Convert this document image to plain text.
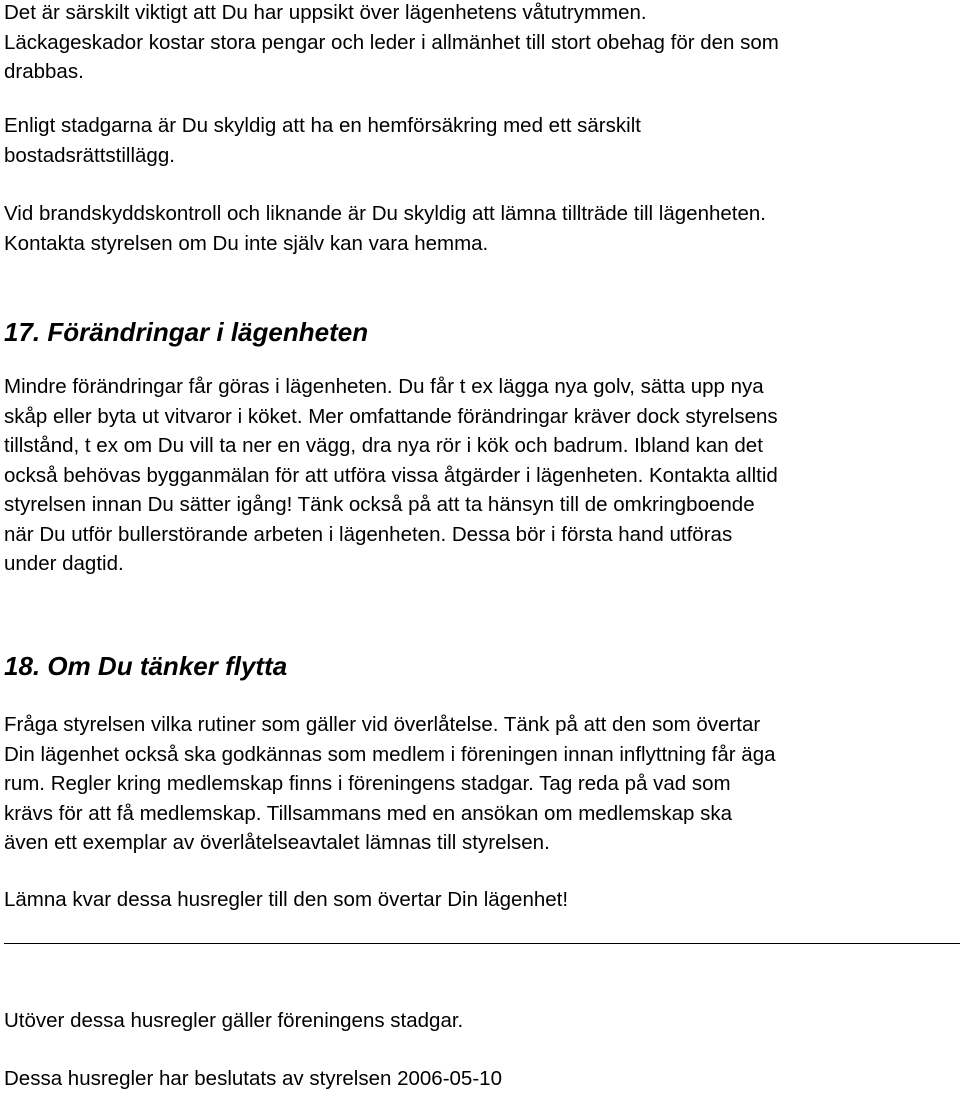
Det är särskilt viktigt att Du har uppsikt över lägenhetens våtutrymmen.
Läckageskador kostar stora pengar och leder i allmänhet till stort obehag för den som
drabbas.

Enligt stadgarna är Du skyldig att ha en hemförsäkring med ett särskilt
bostadsrättstillägg.

Vid brandskyddskontroll och liknande är Du skyldig att lämna tillträde till lägenheten.
Kontakta styrelsen om Du inte själv kan vara hemma.

17. Förändringar i lägenheten

Mindre förändringar får göras i lägenheten. Du får t ex lägga nya golv, sätta upp nya
skåp eller byta ut vitvaror i köket. Mer omfattande förändringar kräver dock styrelsens
tillstånd, t ex om Du vill ta ner en vägg, dra nya rör i kök och badrum. Ibland kan det
också behövas bygganmälan för att utföra vissa åtgärder i lägenheten. Kontakta alltid
styrelsen innan Du sätter igång! Tänk också på att ta hänsyn till de omkringboende
när Du utför bullerstörande arbeten i lägenheten. Dessa bör i första hand utföras
under dagtid.

18. Om Du tänker flytta

Fråga styrelsen vilka rutiner som gäller vid överlåtelse. Tänk på att den som övertar
Din lägenhet också ska godkännas som medlem i föreningen innan inflyttning får äga
rum. Regler kring medlemskap finns i föreningens stadgar. Tag reda på vad som
krävs för att få medlemskap. Tillsammans med en ansökan om medlemskap ska
även ett exemplar av överlåtelseavtalet lämnas till styrelsen.

Lämna kvar dessa husregler till den som övertar Din lägenhet!

Utöver dessa husregler gäller föreningens stadgar.

Dessa husregler har beslutats av styrelsen 2006-05-10
